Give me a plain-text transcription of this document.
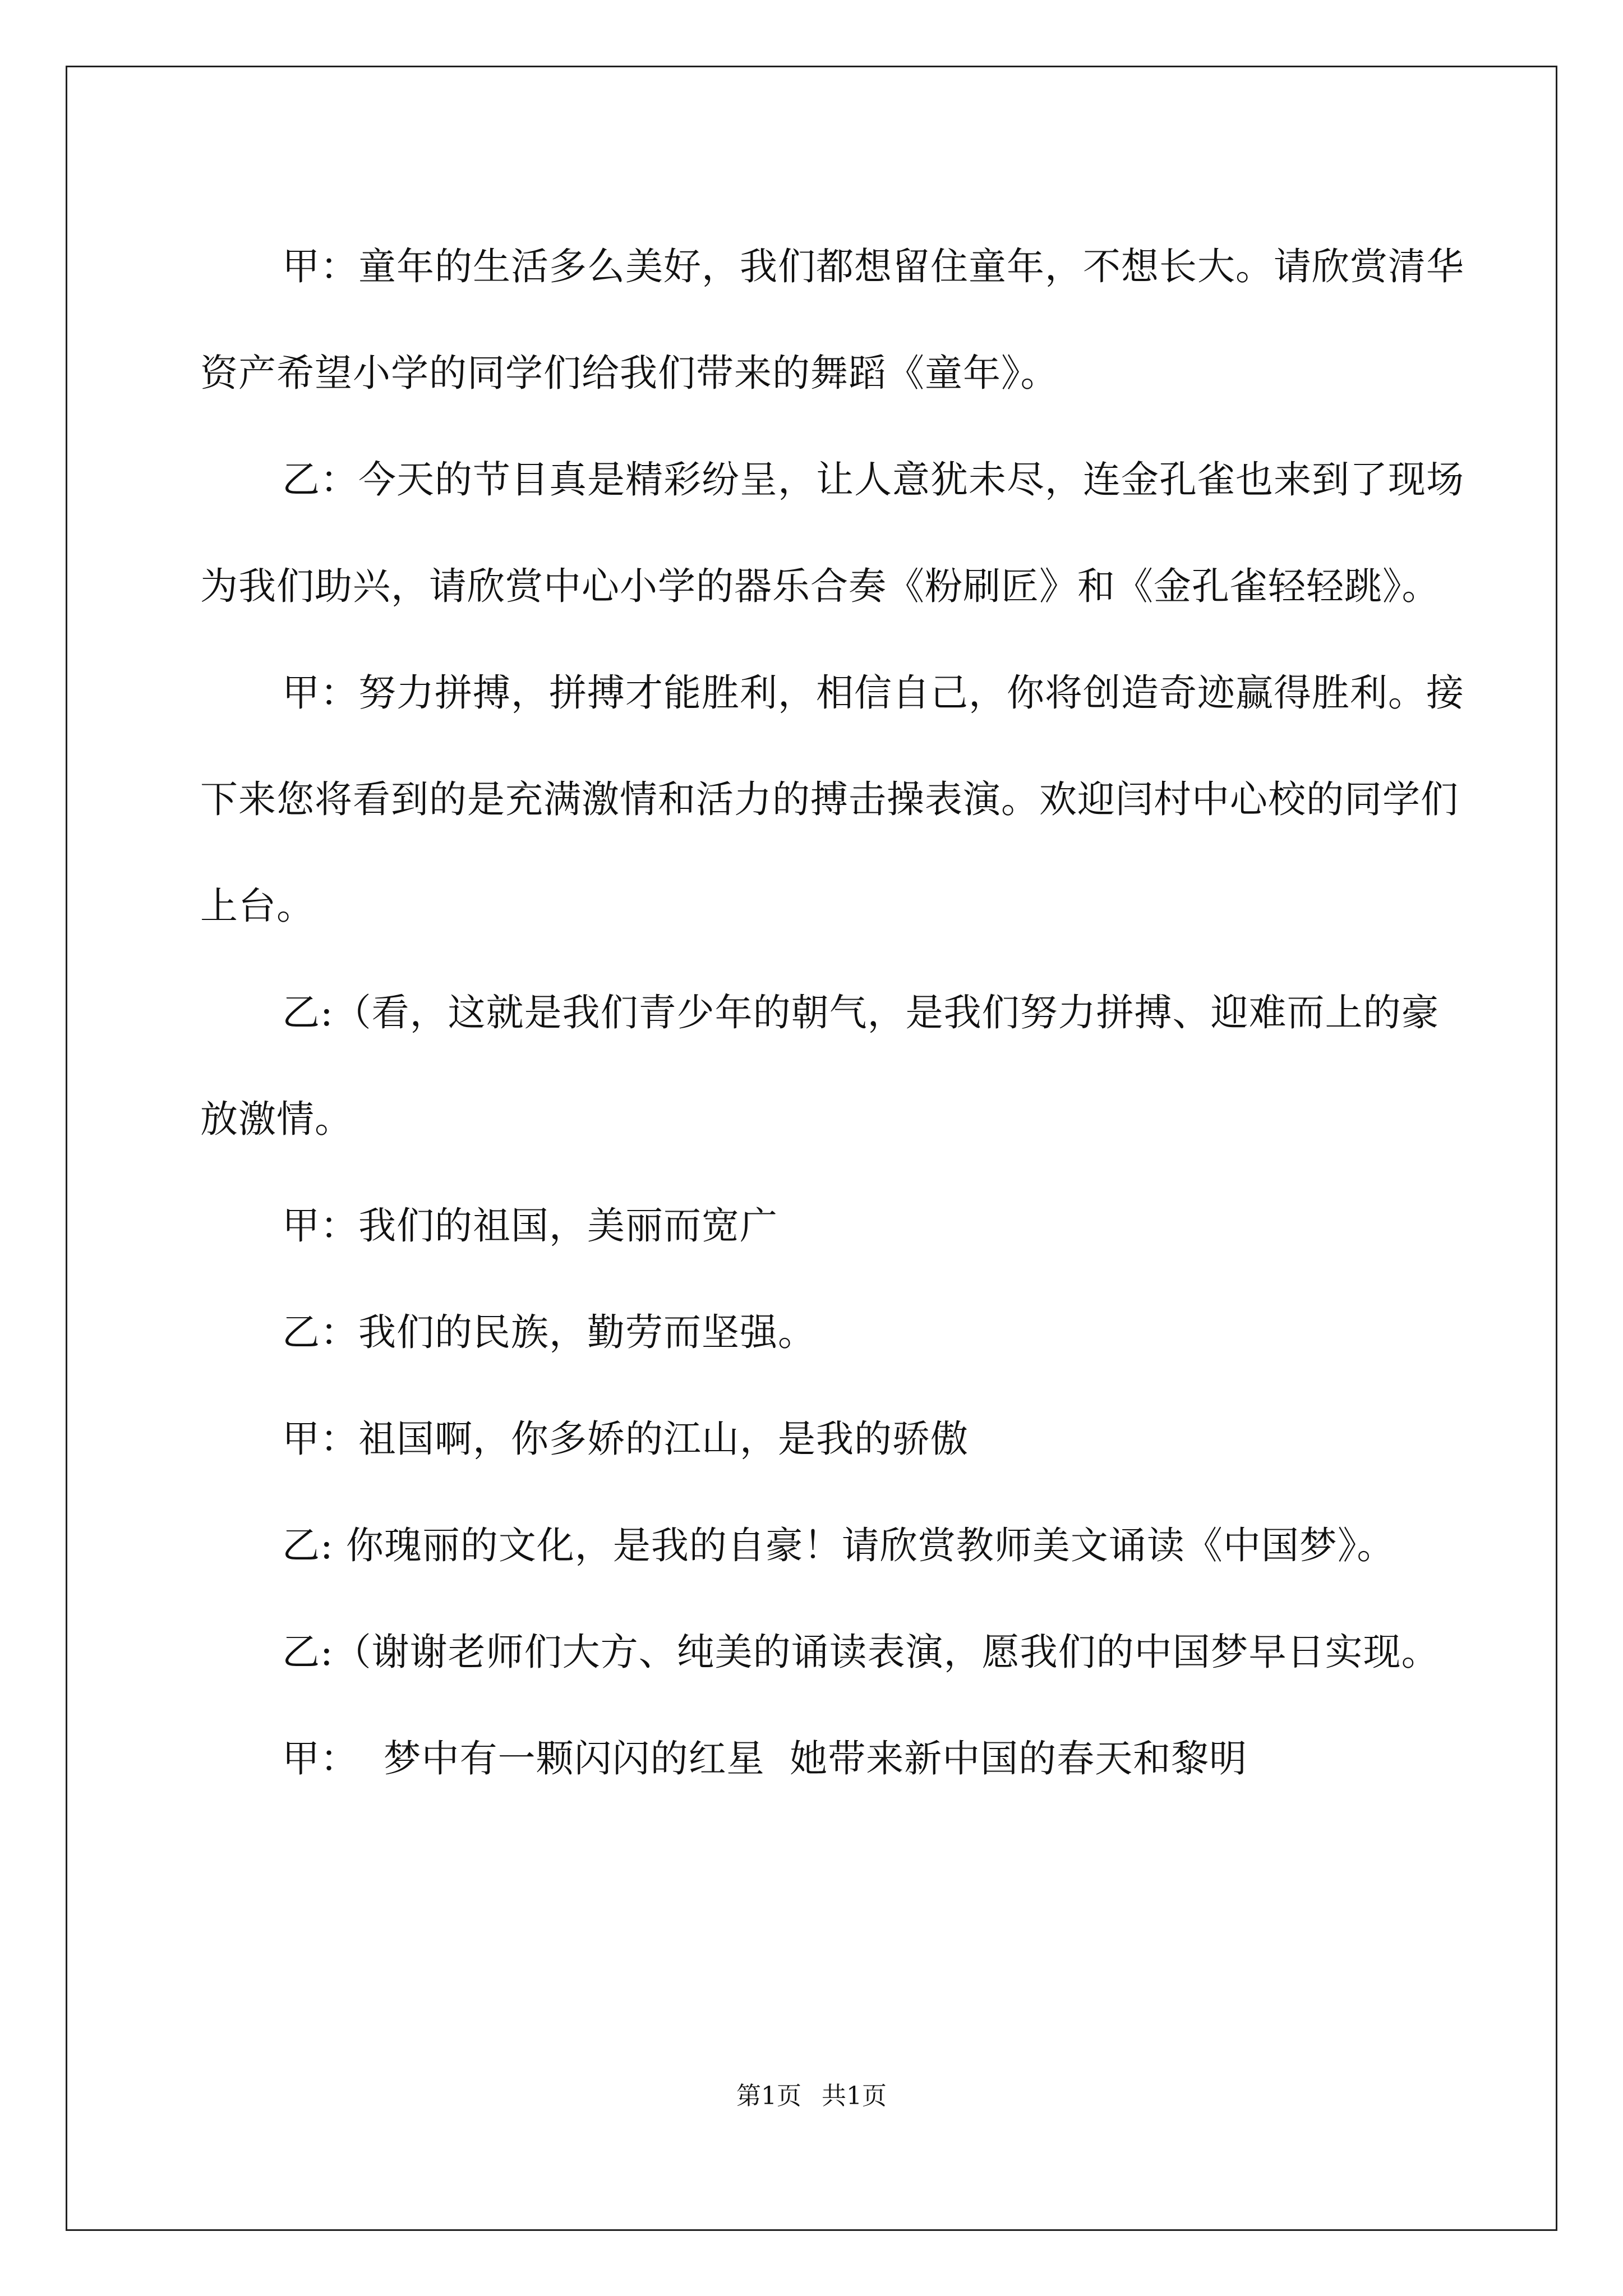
甲：童年的生活多么美好，我们都想留住童年，不想长大。请欣赏清华资产希望小学的同学们给我们带来的舞蹈《童年》。

乙：今天的节目真是精彩纷呈，让人意犹未尽，连金孔雀也来到了现场为我们助兴，请欣赏中心小学的器乐合奏《粉刷匠》和《金孔雀轻轻跳》。

甲：努力拼搏，拼搏才能胜利，相信自己，你将创造奇迹赢得胜利。接下来您将看到的是充满激情和活力的搏击操表演。欢迎闫村中心校的同学们上台。

乙:（看，这就是我们青少年的朝气，是我们努力拼搏、迎难而上的豪放激情。

甲：我们的祖国，美丽而宽广

乙：我们的民族，勤劳而坚强。

甲：祖国啊，你多娇的江山，是我的骄傲

乙: 你瑰丽的文化，是我的自豪！请欣赏教师美文诵读《中国梦》。

乙:（谢谢老师们大方、纯美的诵读表演，愿我们的中国梦早日实现。

甲：  梦中有一颗闪闪的红星  她带来新中国的春天和黎明

第1页 共1页
